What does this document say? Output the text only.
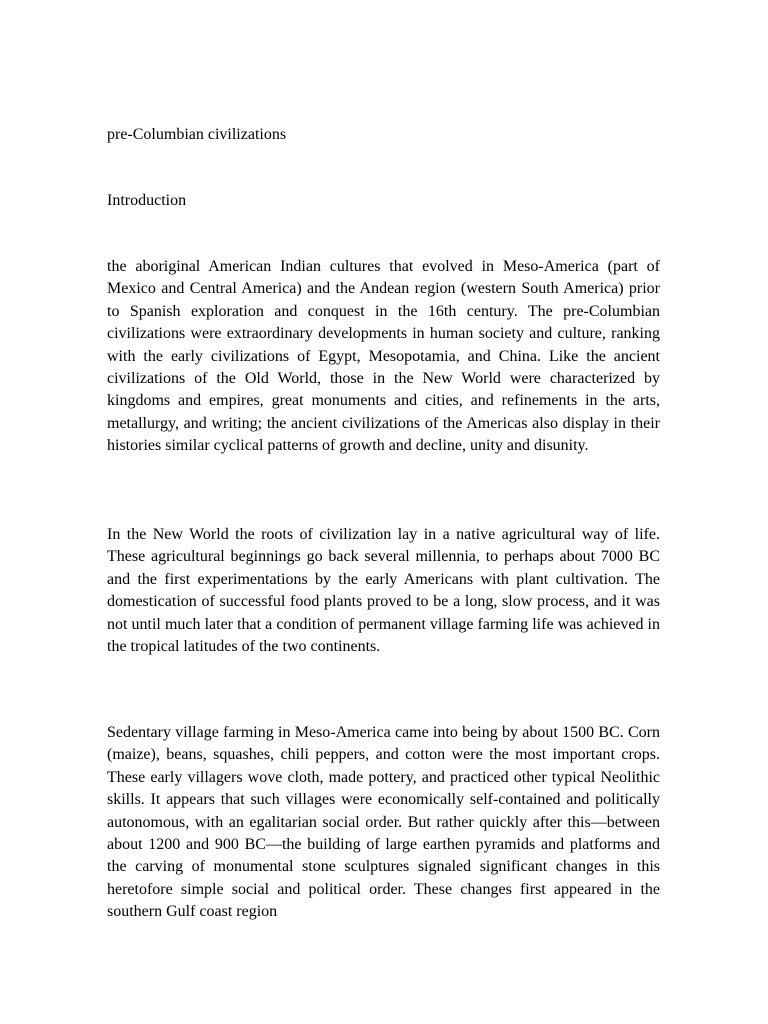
pre-Columbian civilizations
Introduction

the aboriginal American Indian cultures that evolved in Meso-America (part of Mexico and Central America) and the Andean region (western South America) prior to Spanish exploration and conquest in the 16th century. The pre-Columbian civilizations were extraordinary developments in human society and culture, ranking with the early civilizations of Egypt, Mesopotamia, and China. Like the ancient civilizations of the Old World, those in the New World were characterized by kingdoms and empires, great monuments and cities, and refinements in the arts, metallurgy, and writing; the ancient civilizations of the Americas also display in their histories similar cyclical patterns of growth and decline, unity and disunity.

In the New World the roots of civilization lay in a native agricultural way of life. These agricultural beginnings go back several millennia, to perhaps about 7000 BC and the first experimentations by the early Americans with plant cultivation. The domestication of successful food plants proved to be a long, slow process, and it was not until much later that a condition of permanent village farming life was achieved in the tropical latitudes of the two continents.

Sedentary village farming in Meso-America came into being by about 1500 BC. Corn (maize), beans, squashes, chili peppers, and cotton were the most important crops. These early villagers wove cloth, made pottery, and practiced other typical Neolithic skills. It appears that such villages were economically self-contained and politically autonomous, with an egalitarian social order. But rather quickly after this—between about 1200 and 900 BC—the building of large earthen pyramids and platforms and the carving of monumental stone sculptures signaled significant changes in this heretofore simple social and political order. These changes first appeared in the southern Gulf coast region
